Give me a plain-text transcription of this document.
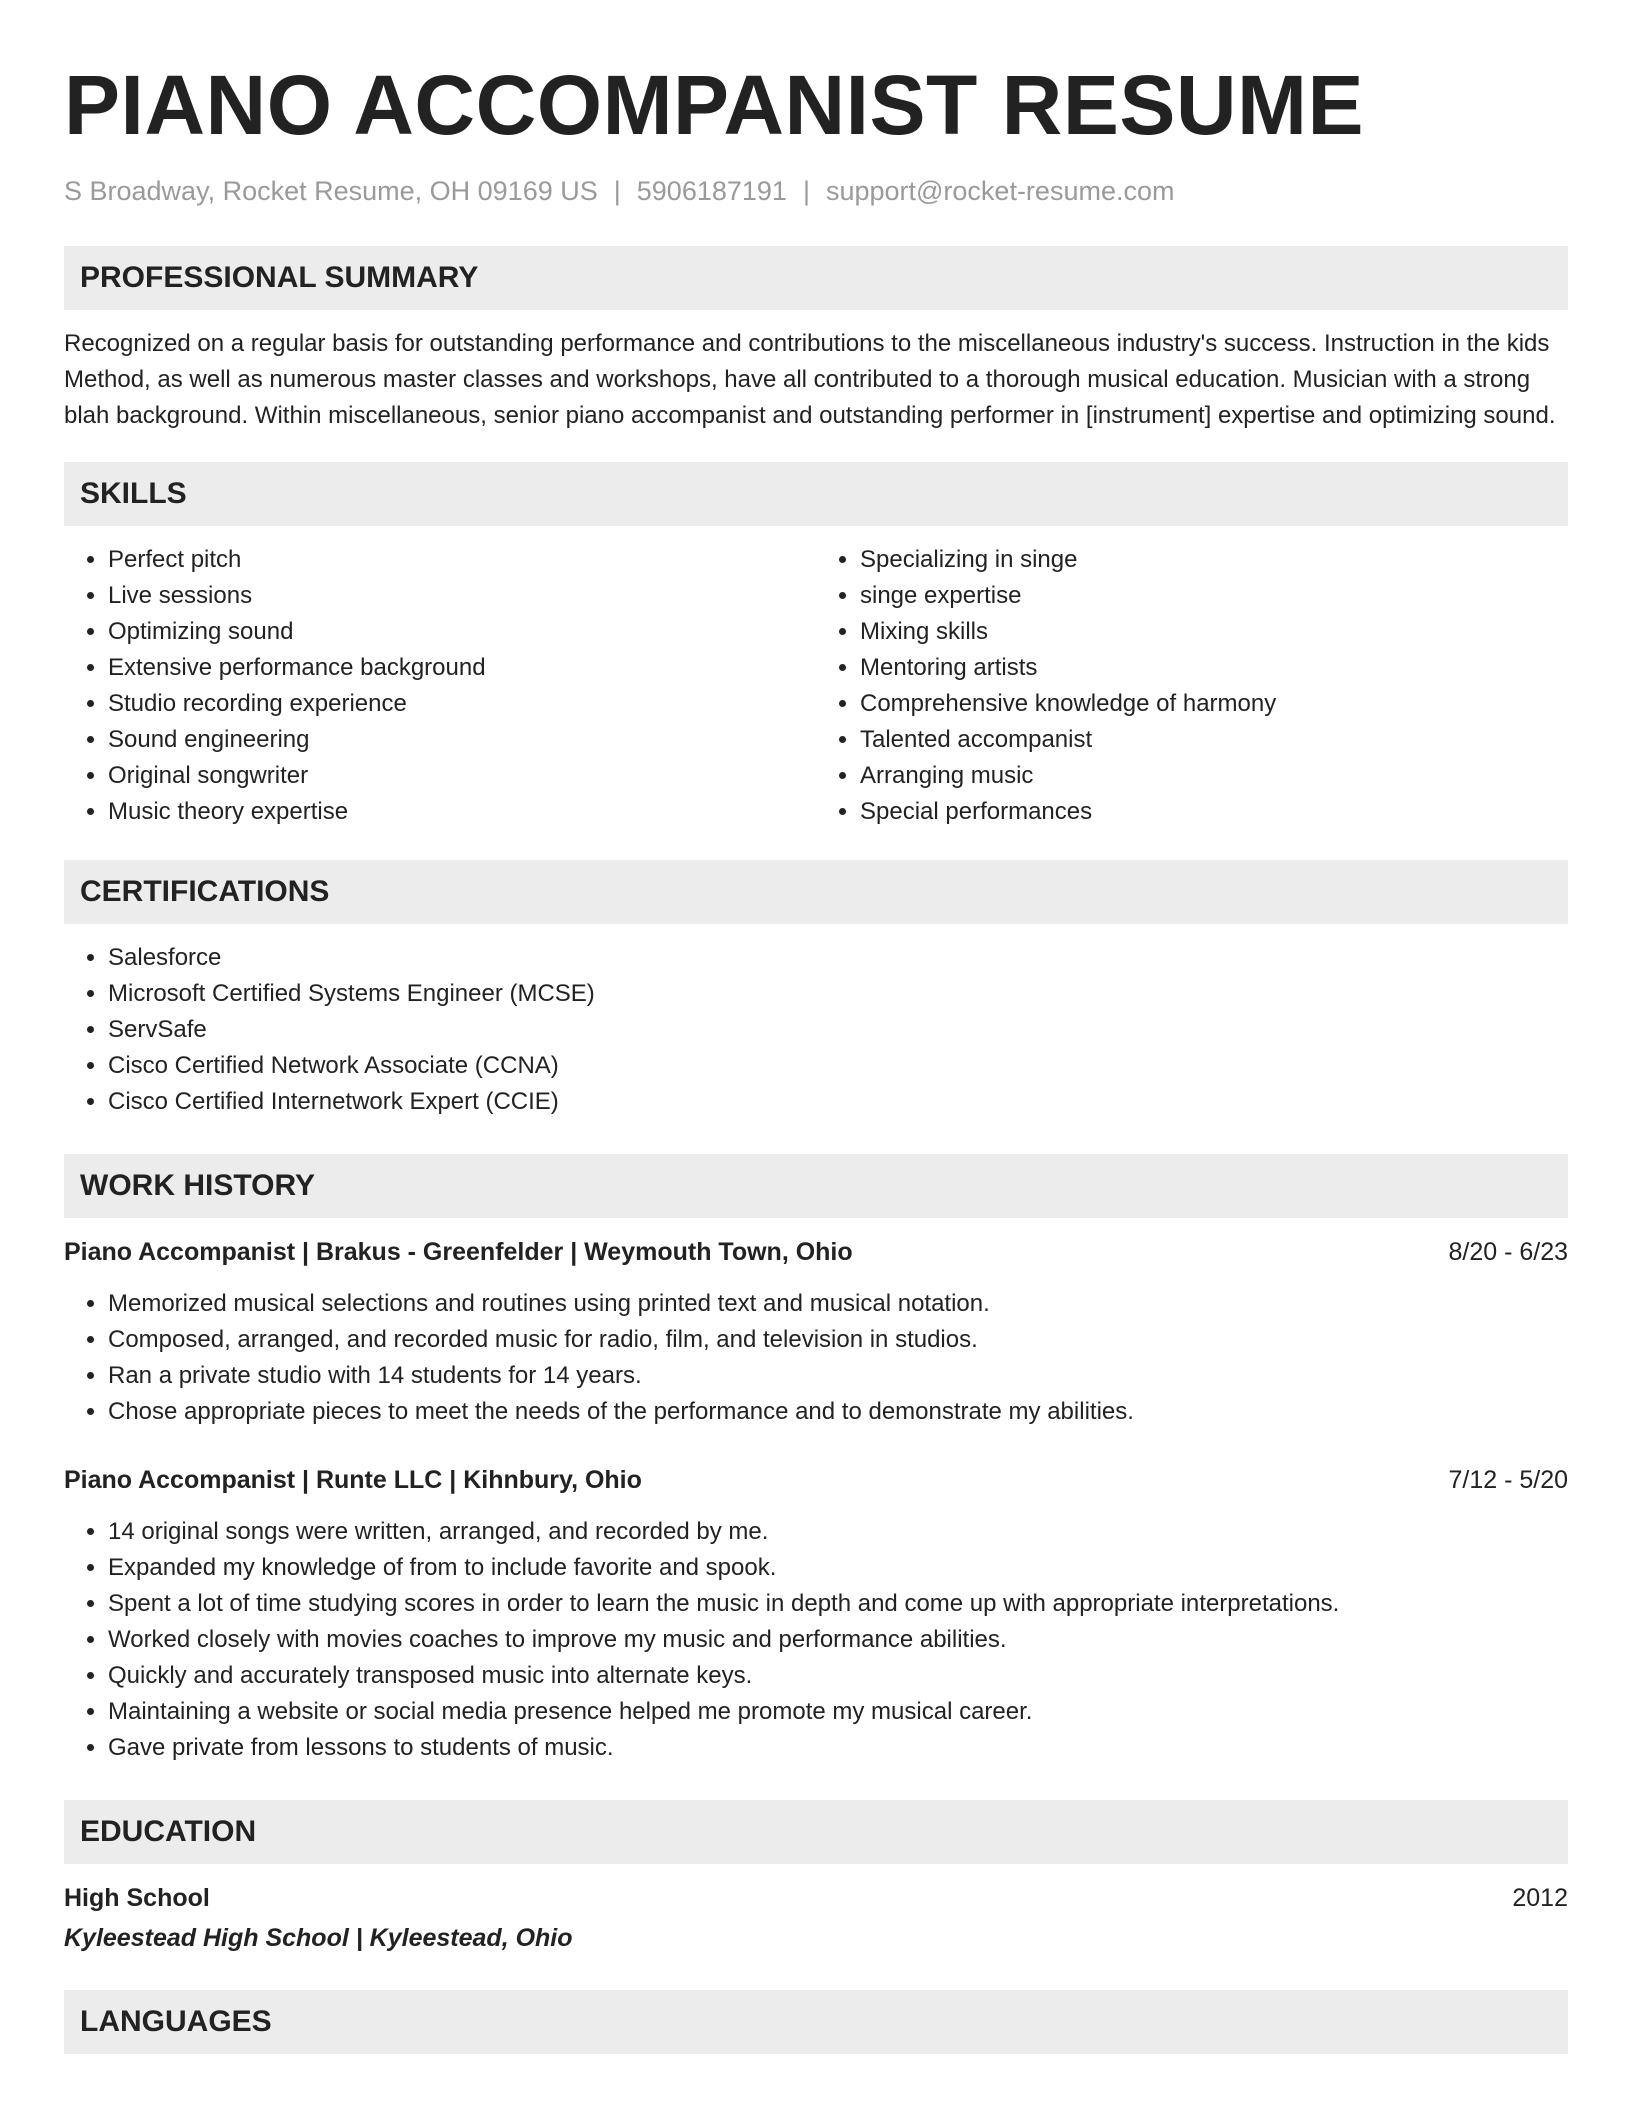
PIANO ACCOMPANIST RESUME
S Broadway, Rocket Resume, OH 09169 US | 5906187191 | support@rocket-resume.com
PROFESSIONAL SUMMARY

Recognized on a regular basis for outstanding performance and contributions to the miscellaneous industry's success. Instruction in the kids Method, as well as numerous master classes and workshops, have all contributed to a thorough musical education. Musician with a strong blah background. Within miscellaneous, senior piano accompanist and outstanding performer in [instrument] expertise and optimizing sound.

SKILLS
• Perfect pitch
• Live sessions
• Optimizing sound
• Extensive performance background
• Studio recording experience
• Sound engineering
• Original songwriter
• Music theory expertise
• Specializing in singe
• singe expertise
• Mixing skills
• Mentoring artists
• Comprehensive knowledge of harmony
• Talented accompanist
• Arranging music
• Special performances
CERTIFICATIONS
• Salesforce
• Microsoft Certified Systems Engineer (MCSE)
• ServSafe
• Cisco Certified Network Associate (CCNA)
• Cisco Certified Internetwork Expert (CCIE)
WORK HISTORY
Piano Accompanist | Brakus - Greenfelder | Weymouth Town, Ohio	8/20 - 6/23
• Memorized musical selections and routines using printed text and musical notation.
• Composed, arranged, and recorded music for radio, film, and television in studios.
• Ran a private studio with 14 students for 14 years.
• Chose appropriate pieces to meet the needs of the performance and to demonstrate my abilities.
Piano Accompanist | Runte LLC | Kihnbury, Ohio	7/12 - 5/20
• 14 original songs were written, arranged, and recorded by me.
• Expanded my knowledge of from to include favorite and spook.
• Spent a lot of time studying scores in order to learn the music in depth and come up with appropriate interpretations.
• Worked closely with movies coaches to improve my music and performance abilities.
• Quickly and accurately transposed music into alternate keys.
• Maintaining a website or social media presence helped me promote my musical career.
• Gave private from lessons to students of music.
EDUCATION
High School	2012
Kyleestead High School | Kyleestead, Ohio
LANGUAGES
